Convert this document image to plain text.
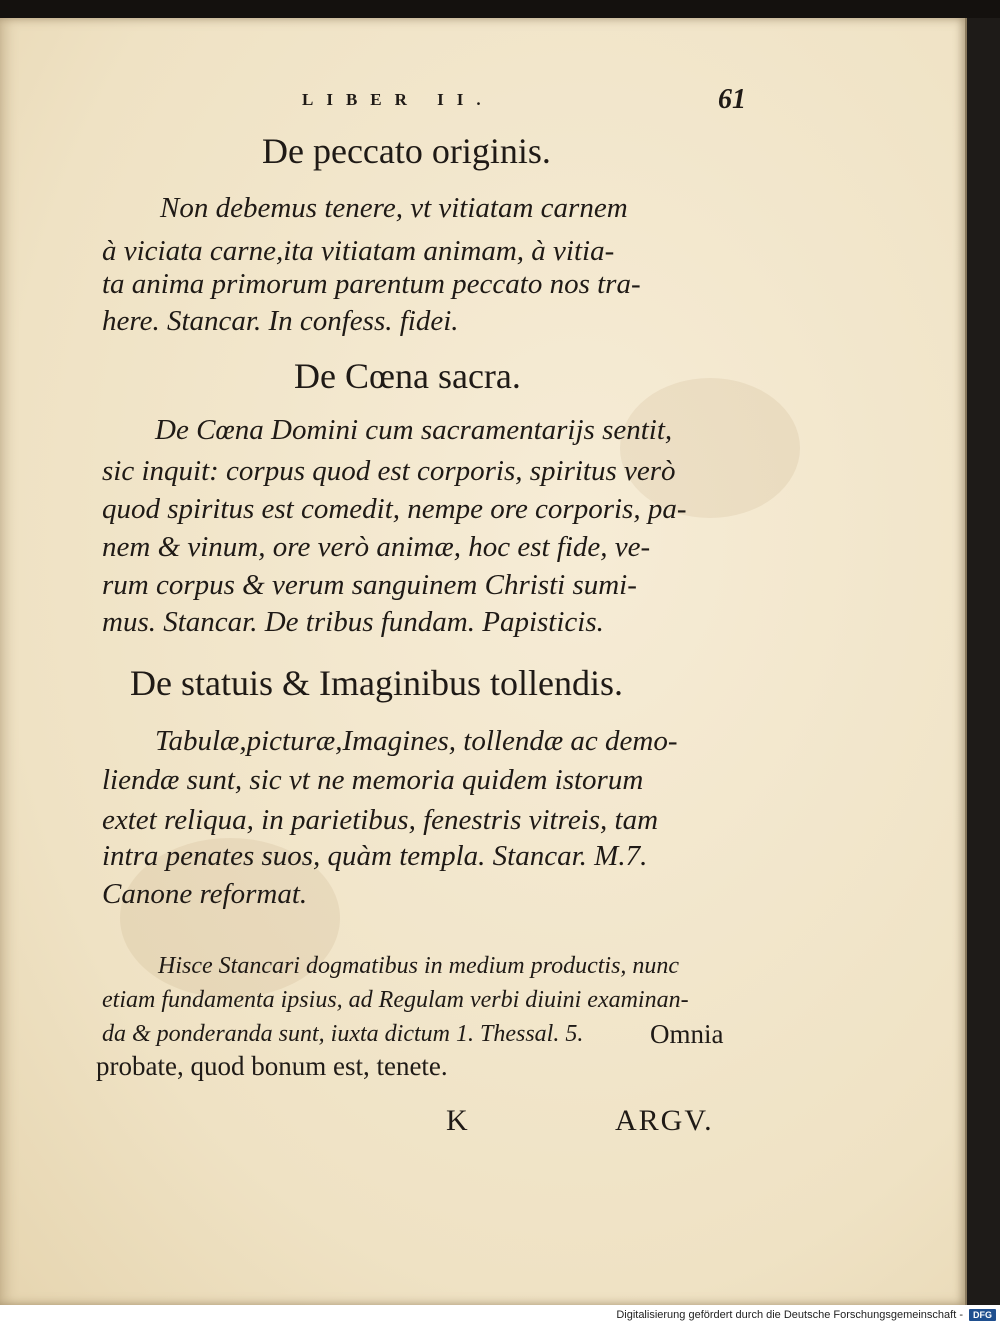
LIBER II.	61
De peccato originis.
Non debemus tenere, vt vitiatam carnem
à viciata carne,ita vitiatam animam, à vitia-
ta anima primorum parentum peccato nos tra-
here. Stancar. In confess. fidei.
De Cœna sacra.
De Cœna Domini cum sacramentarijs sentit,
sic inquit: corpus quod est corporis, spiritus verò
quod spiritus est comedit, nempe ore corporis, pa-
nem & vinum, ore verò animæ, hoc est fide, ve-
rum corpus & verum sanguinem Christi sumi-
mus. Stancar. De tribus fundam. Papisticis.
De statuis & Imaginibus tollendis.
Tabulæ,picturæ,Imagines, tollendæ ac demo-
liendæ sunt, sic vt ne memoria quidem istorum
extet reliqua, in parietibus, fenestris vitreis, tam
intra penates suos, quàm templa. Stancar. M.7.
Canone reformat.
Hisce Stancari dogmatibus in medium productis, nunc
etiam fundamenta ipsius, ad Regulam verbi diuini examinan-
da & ponderanda sunt, iuxta dictum 1. Thessal. 5. Omnia
probate, quod bonum est, tenete.
K	ARGV.
Digitalisierung gefördert durch die Deutsche Forschungsgemeinschaft -	DFG
